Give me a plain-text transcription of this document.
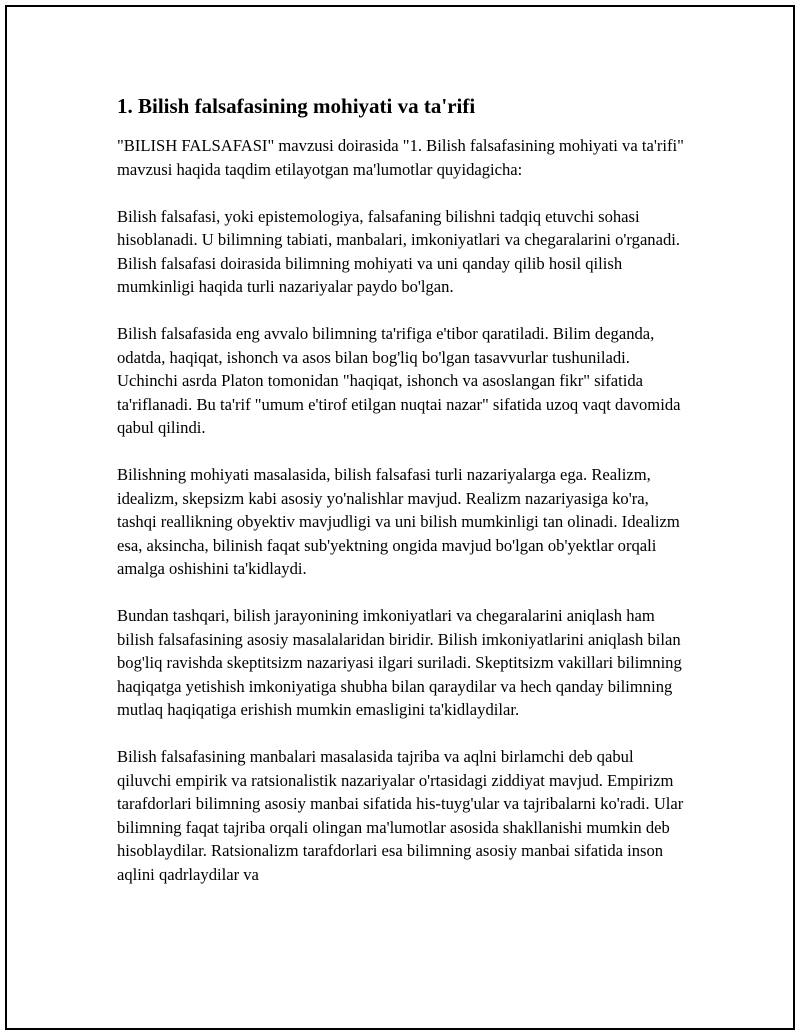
1. Bilish falsafasining mohiyati va ta'rifi

"BILISH FALSAFASI" mavzusi doirasida "1. Bilish falsafasining mohiyati va ta'rifi" mavzusi haqida taqdim etilayotgan ma'lumotlar quyidagicha:

Bilish falsafasi, yoki epistemologiya, falsafaning bilishni tadqiq etuvchi sohasi hisoblanadi. U bilimning tabiati, manbalari, imkoniyatlari va chegaralarini o'rganadi. Bilish falsafasi doirasida bilimning mohiyati va uni qanday qilib hosil qilish mumkinligi haqida turli nazariyalar paydo bo'lgan.

Bilish falsafasida eng avvalo bilimning ta'rifiga e'tibor qaratiladi. Bilim deganda, odatda, haqiqat, ishonch va asos bilan bog'liq bo'lgan tasavvurlar tushuniladi. Uchinchi asrda Platon tomonidan "haqiqat, ishonch va asoslangan fikr" sifatida ta'riflanadi. Bu ta'rif "umum e'tirof etilgan nuqtai nazar" sifatida uzoq vaqt davomida qabul qilindi.

Bilishning mohiyati masalasida, bilish falsafasi turli nazariyalarga ega. Realizm, idealizm, skepsizm kabi asosiy yo'nalishlar mavjud. Realizm nazariyasiga ko'ra, tashqi reallikning obyektiv mavjudligi va uni bilish mumkinligi tan olinadi. Idealizm esa, aksincha, bilinish faqat sub'yektning ongida mavjud bo'lgan ob'yektlar orqali amalga oshishini ta'kidlaydi.

Bundan tashqari, bilish jarayonining imkoniyatlari va chegaralarini aniqlash ham bilish falsafasining asosiy masalalaridan biridir. Bilish imkoniyatlarini aniqlash bilan bog'liq ravishda skeptitsizm nazariyasi ilgari suriladi. Skeptitsizm vakillari bilimning haqiqatga yetishish imkoniyatiga shubha bilan qaraydilar va hech qanday bilimning mutlaq haqiqatiga erishish mumkin emasligini ta'kidlaydilar.

Bilish falsafasining manbalari masalasida tajriba va aqlni birlamchi deb qabul qiluvchi empirik va ratsionalistik nazariyalar o'rtasidagi ziddiyat mavjud. Empirizm tarafdorlari bilimning asosiy manbai sifatida his-tuyg'ular va tajribalarni ko'radi. Ular bilimning faqat tajriba orqali olingan ma'lumotlar asosida shakllanishi mumkin deb hisoblaydilar. Ratsionalizm tarafdorlari esa bilimning asosiy manbai sifatida inson aqlini qadrlaydilar va
